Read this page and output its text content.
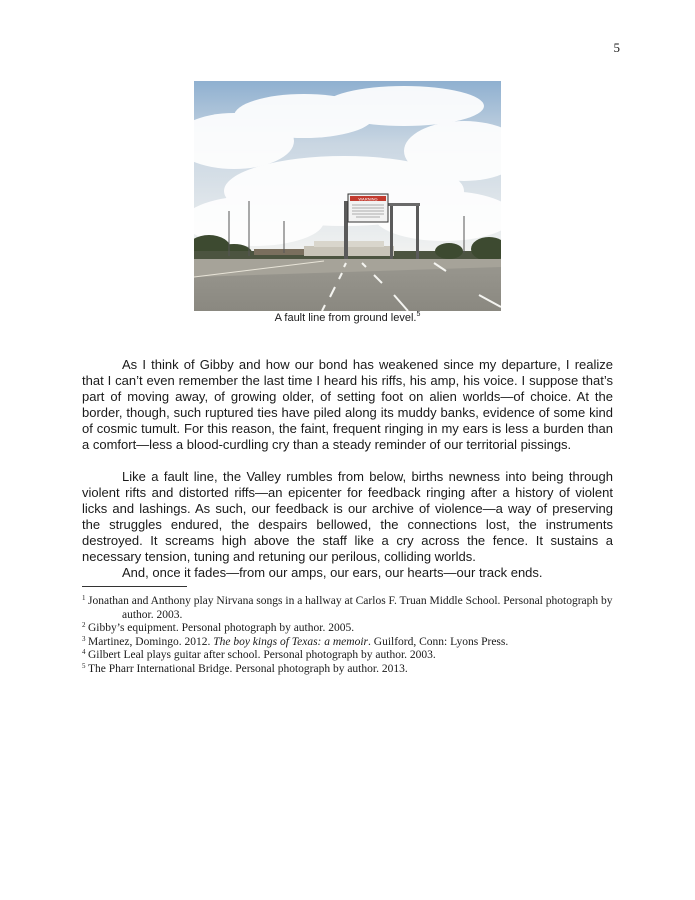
5
WARNING
A fault line from ground level.$^5$

As I think of Gibby and how our bond has weakened since my departure, I realize that I can’t even remember the last time I heard his riffs, his amp, his voice. I suppose that’s part of moving away, of growing older, of setting foot on alien worlds—of choice. At the border, though, such ruptured ties have piled along its muddy banks, evidence of some kind of cosmic tumult. For this reason, the faint, frequent ringing in my ears is less a burden than a comfort—less a blood-curdling cry than a steady reminder of our territorial pissings.

Like a fault line, the Valley rumbles from below, births newness into being through violent rifts and distorted riffs—an epicenter for feedback ringing after a history of violent licks and lashings. As such, our feedback is our archive of violence—a way of preserving the struggles endured, the despairs bellowed, the connections lost, the instruments destroyed. It screams high above the staff like a cry across the fence. It sustains a necessary tension, tuning and retuning our perilous, colliding worlds.

And, once it fades—from our amps, our ears, our hearts—our track ends.

1 Jonathan and Anthony play Nirvana songs in a hallway at Carlos F. Truan Middle School. Personal photograph by
author. 2003.
2 Gibby’s equipment. Personal photograph by author. 2005.
3 Martinez, Domingo. 2012. The boy kings of Texas: a memoir. Guilford, Conn: Lyons Press.
4 Gilbert Leal plays guitar after school. Personal photograph by author. 2003.
5 The Pharr International Bridge. Personal photograph by author. 2013.
